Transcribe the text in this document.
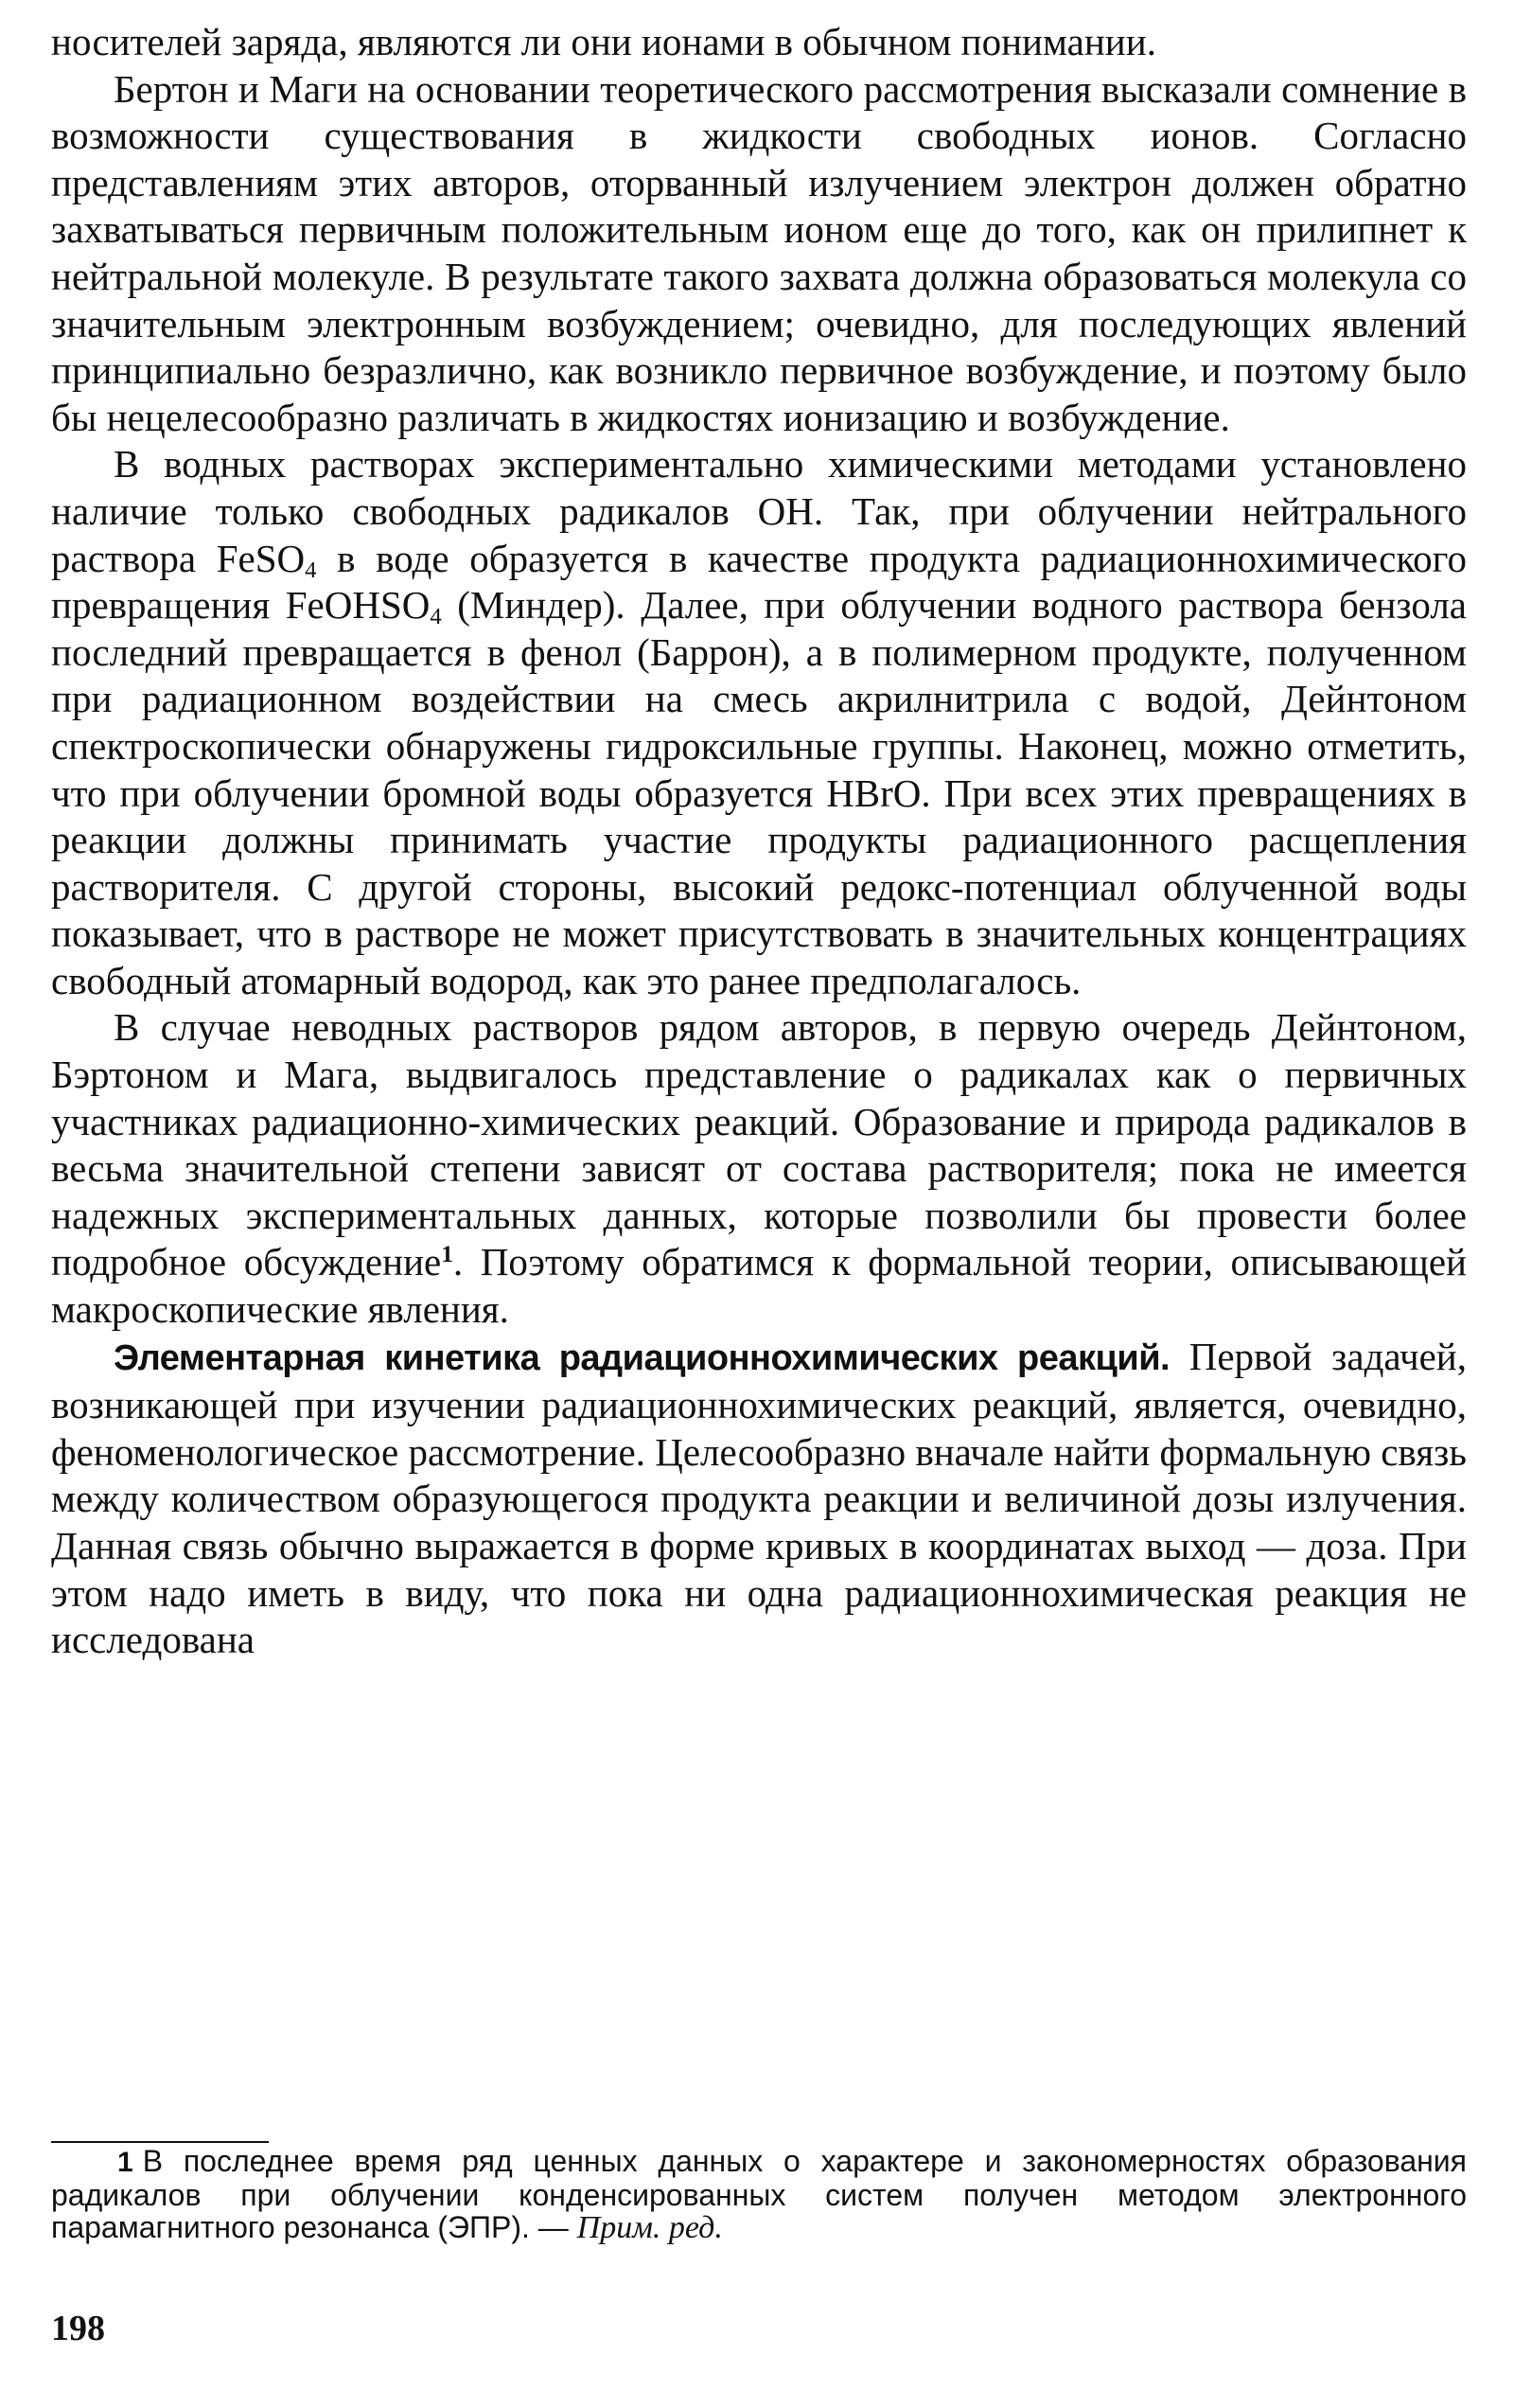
носителей заряда, являются ли они ионами в обычном понимании.

Бертон и Маги на основании теоретического рассмотрения высказали сомнение в возможности существования в жидкости свободных ионов. Согласно представлениям этих авторов, оторванный излучением электрон должен обратно захватываться первичным положительным ионом еще до того, как он прилипнет к нейтральной молекуле. В результате такого захвата должна образоваться молекула со значительным электронным возбуждением; очевидно, для последующих явлений принципиально безразлично, как возникло первичное возбуждение, и поэтому было бы нецелесообразно различать в жидкостях ионизацию и возбуждение.

В водных растворах экспериментально химическими методами установлено наличие только свободных радикалов OH. Так, при облучении нейтрального раствора FeSO$_4$ в воде образуется в качестве продукта радиационнохимического превращения FeOHSO$_4$ (Миндер). Далее, при облучении водного раствора бензола последний превращается в фенол (Баррон), а в полимерном продукте, полученном при радиационном воздействии на смесь акрилнитрила с водой, Дейнтоном спектроскопически обнаружены гидроксильные группы. Наконец, можно отметить, что при облучении бромной воды образуется HBrO. При всех этих превращениях в реакции должны принимать участие продукты радиационного расщепления растворителя. С другой стороны, высокий редокс-потенциал облученной воды показывает, что в растворе не может присутствовать в значительных концентрациях свободный атомарный водород, как это ранее предполагалось.

В случае неводных растворов рядом авторов, в первую очередь Дейнтоном, Бэртоном и Мага, выдвигалось представление о радикалах как о первичных участниках радиационно-химических реакций. Образование и природа радикалов в весьма значительной степени зависят от состава растворителя; пока не имеется надежных экспериментальных данных, которые позволили бы провести более подробное обсуждение$^1$. Поэтому обратимся к формальной теории, описывающей макроскопические явления.

Элементарная кинетика радиационнохимических реакций. Первой задачей, возникающей при изучении радиационнохимических реакций, является, очевидно, феноменологическое рассмотрение. Целесообразно вначале найти формальную связь между количеством образующегося продукта реакции и величиной дозы излучения. Данная связь обычно выражается в форме кривых в координатах выход — доза. При этом надо иметь в виду, что пока ни одна радиационнохимическая реакция не исследована

1 В последнее время ряд ценных данных о характере и закономерностях образования радикалов при облучении конденсированных систем получен методом электронного парамагнитного резонанса (ЭПР). — Прим. ред.

198
